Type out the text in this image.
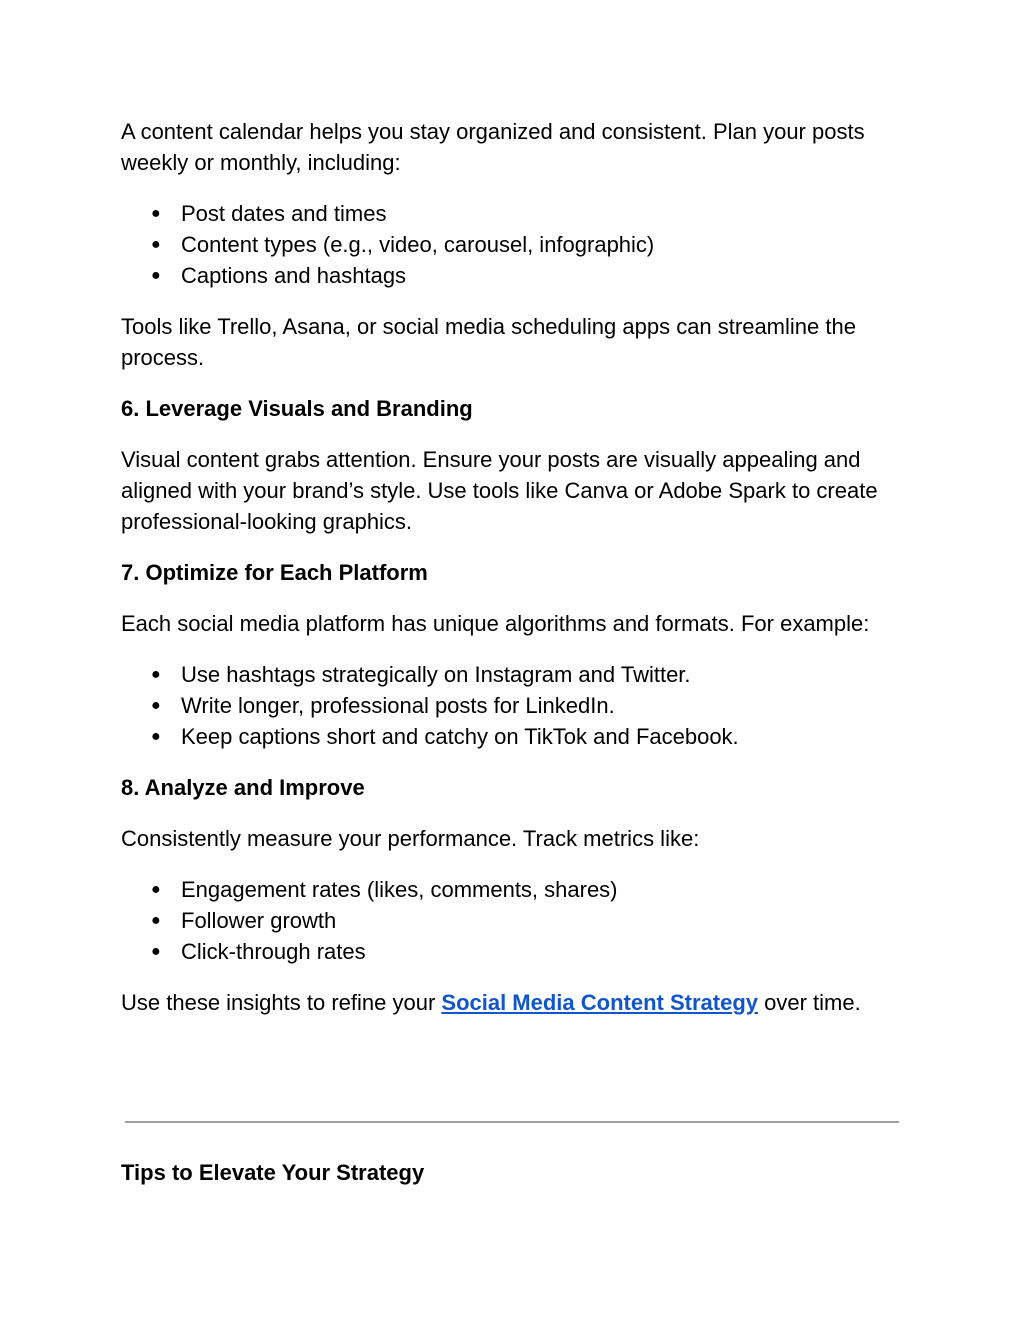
A content calendar helps you stay organized and consistent. Plan your posts weekly or monthly, including:

● Post dates and times
● Content types (e.g., video, carousel, infographic)
● Captions and hashtags

Tools like Trello, Asana, or social media scheduling apps can streamline the process.

6. Leverage Visuals and Branding

Visual content grabs attention. Ensure your posts are visually appealing and aligned with your brand’s style. Use tools like Canva or Adobe Spark to create professional-looking graphics.

7. Optimize for Each Platform

Each social media platform has unique algorithms and formats. For example:

● Use hashtags strategically on Instagram and Twitter.
● Write longer, professional posts for LinkedIn.
● Keep captions short and catchy on TikTok and Facebook.

8. Analyze and Improve

Consistently measure your performance. Track metrics like:

● Engagement rates (likes, comments, shares)
● Follower growth
● Click-through rates

Use these insights to refine your Social Media Content Strategy over time.

Tips to Elevate Your Strategy
